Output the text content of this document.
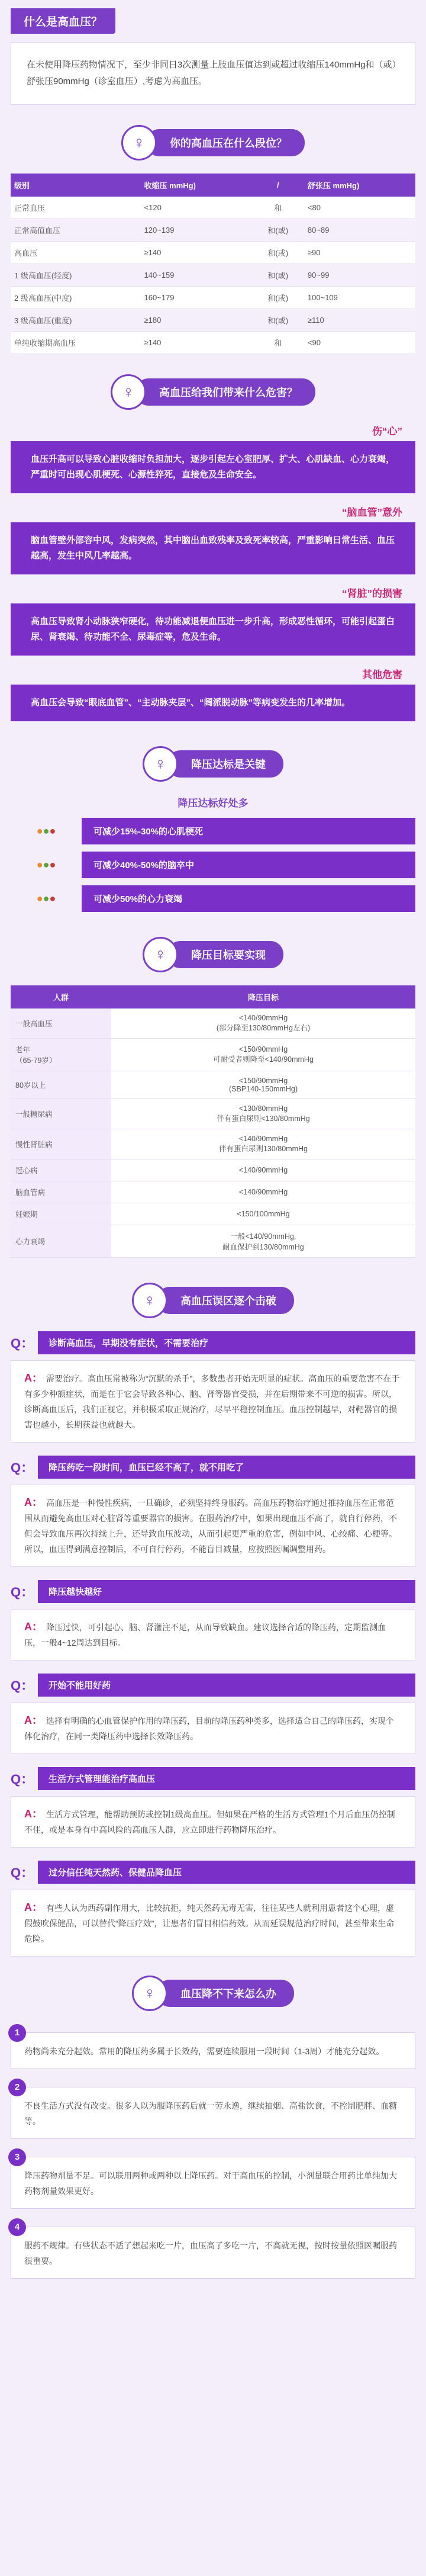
什么是高血压？
在未使用降压药物情况下，至少非同日3次测量上肢血压值达到或超过收缩压140mmHg和（或）舒张压90mmHg（诊室血压）,考虑为高血压。
♀	你的高血压在什么段位？
级别	收缩压 mmHg)	/	舒张压 mmHg)
正常血压	<120	和	<80
正常高值血压	120~139	和(或)	80~89
高血压	≥140	和(或)	≥90
1 级高血压(轻度)	140~159	和(或)	90~99
2 级高血压(中度)	160~179	和(或)	100~109
3 级高血压(重度)	≥180	和(或)	≥110
单纯收缩期高血压	≥140	和	<90
♀	高血压给我们带来什么危害？
伤“心”
血压升高可以导致心脏收缩时负担加大，逐步引起左心室肥厚、扩大、心肌缺血、心力衰竭，严重时可出现心肌梗死、心源性猝死，直接危及生命安全。
“脑血管”意外
脑血管壁外部容中风，发病突然，其中脑出血致残率及致死率较高，严重影响日常生活、血压越高，发生中风几率越高。
“肾脏”的损害
高血压导致肾小动脉狭窄硬化，待功能减退便血压进一步升高，形成恶性循环，可能引起蛋白尿、肾衰竭、待功能不全、尿毒症等，危及生命。
其他危害
高血压会导致“眼底血管”、“主动脉夹层”、“阔派脱动脉”等病变发生的几率增加。
♀	降压达标是关键
降压达标好处多
● ● ●	可减少15%-30%的心肌梗死
● ● ●	可减少40%-50%的脑卒中
● ● ●	可减少50%的心力衰竭
♀	降压目标要实现
人群	降压目标
一般高血压	<140/90mmHg
(部分降至130/80mmHg左右)
老年
（65-79岁）	<150/90mmHg
可耐受者则降至<140/90mmHg
80岁以上	<150/90mmHg
(SBP140-150mmHg)
一般糖尿病	<130/80mmHg
伴有蛋白尿则<130/80mmHg
慢性肾脏病	<140/90mmHg
伴有蛋白尿则130/80mmHg
冠心病	<140/90mmHg
脑血管病	<140/90mmHg
妊娠期	<150/100mmHg
心力衰竭	一般<140/90mmHg,
耐血保护到130/80mmHg
♀	高血压误区逐个击破
Q：	诊断高血压，早期没有症状，不需要治疗
A： 需要治疗。高血压常被称为“沉默的杀手”，多数患者开始无明显的症状。高血压的重要危害不在于有多少种额症状，而是在于它会导致各种心、脑、肾等器官受损，并在后期带来不可逆的损害。所以，诊断高血压后，我们正视它，并积极采取正规治疗，尽早平稳控制血压。血压控制越早，对靶器官的损害也越小，长期获益也就越大。
Q：	降压药吃一段时间，血压已经不高了，就不用吃了
A： 高血压是一种慢性疾病，一旦确诊，必须坚持终身服药。高血压药物治疗通过推持血压在正常范围从而避免高血压对心脏肾等重要器官的损害。在服药治疗中，如果出现血压不高了，就自行停药，不但会导致血压再次持续上升，还导致血压波动，从而引起更严重的危害，例如中风、心绞痛、心梗等。所以，血压得到满意控制后，不可自行停药，不能盲目减量，应按照医嘱调整用药。
Q：	降压越快越好
A： 降压过快，可引起心、脑、肾灌注不足，从而导致缺血。建议选择合适的降压药，定期监测血压，一般4~12周达到目标。
Q：	开始不能用好药
A： 选择有明确的心血管保护作用的降压药，目前的降压药种类多，选择适合自己的降压药，实现个体化治疗，在同一类降压药中选择长效降压药。
Q：	生活方式管理能治疗高血压
A： 生活方式管理，能帮助预防或控制1级高血压。但如果在严格的生活方式管理1个月后血压仍控制不佳，或是本身有中高风险的高血压人群，应立即进行药物降压治疗。
Q：	过分信任纯天然药、保健品降血压
A： 有些人认为西药副作用大，比较抗拒，纯天然药无毒无害，往往某些人就利用患者这个心理，虚假鼓吹保健品，可以替代“降压疗效”，让患者们冒目相信药效。从而延误规范治疗时间，甚至带来生命危险。
♀	血压降不下来怎么办
1
药物尚未充分起效。常用的降压药多属于长效药，需要连续服用一段时间（1-3周）才能充分起效。
2
不良生活方式没有改变。很多人以为服降压药后就一劳永逸，继续抽烟、高盐饮食，不控制肥胖、血糖等。
3
降压药物剂量不足。可以联用两种或两种以上降压药。对于高血压的控制，小剂量联合用药比单纯加大药物剂量效果更好。
4
服药不规律。有些状态不适了想起来吃一片，血压高了多吃一片，不高就无视，按时按量依照医嘱服药很重要。
